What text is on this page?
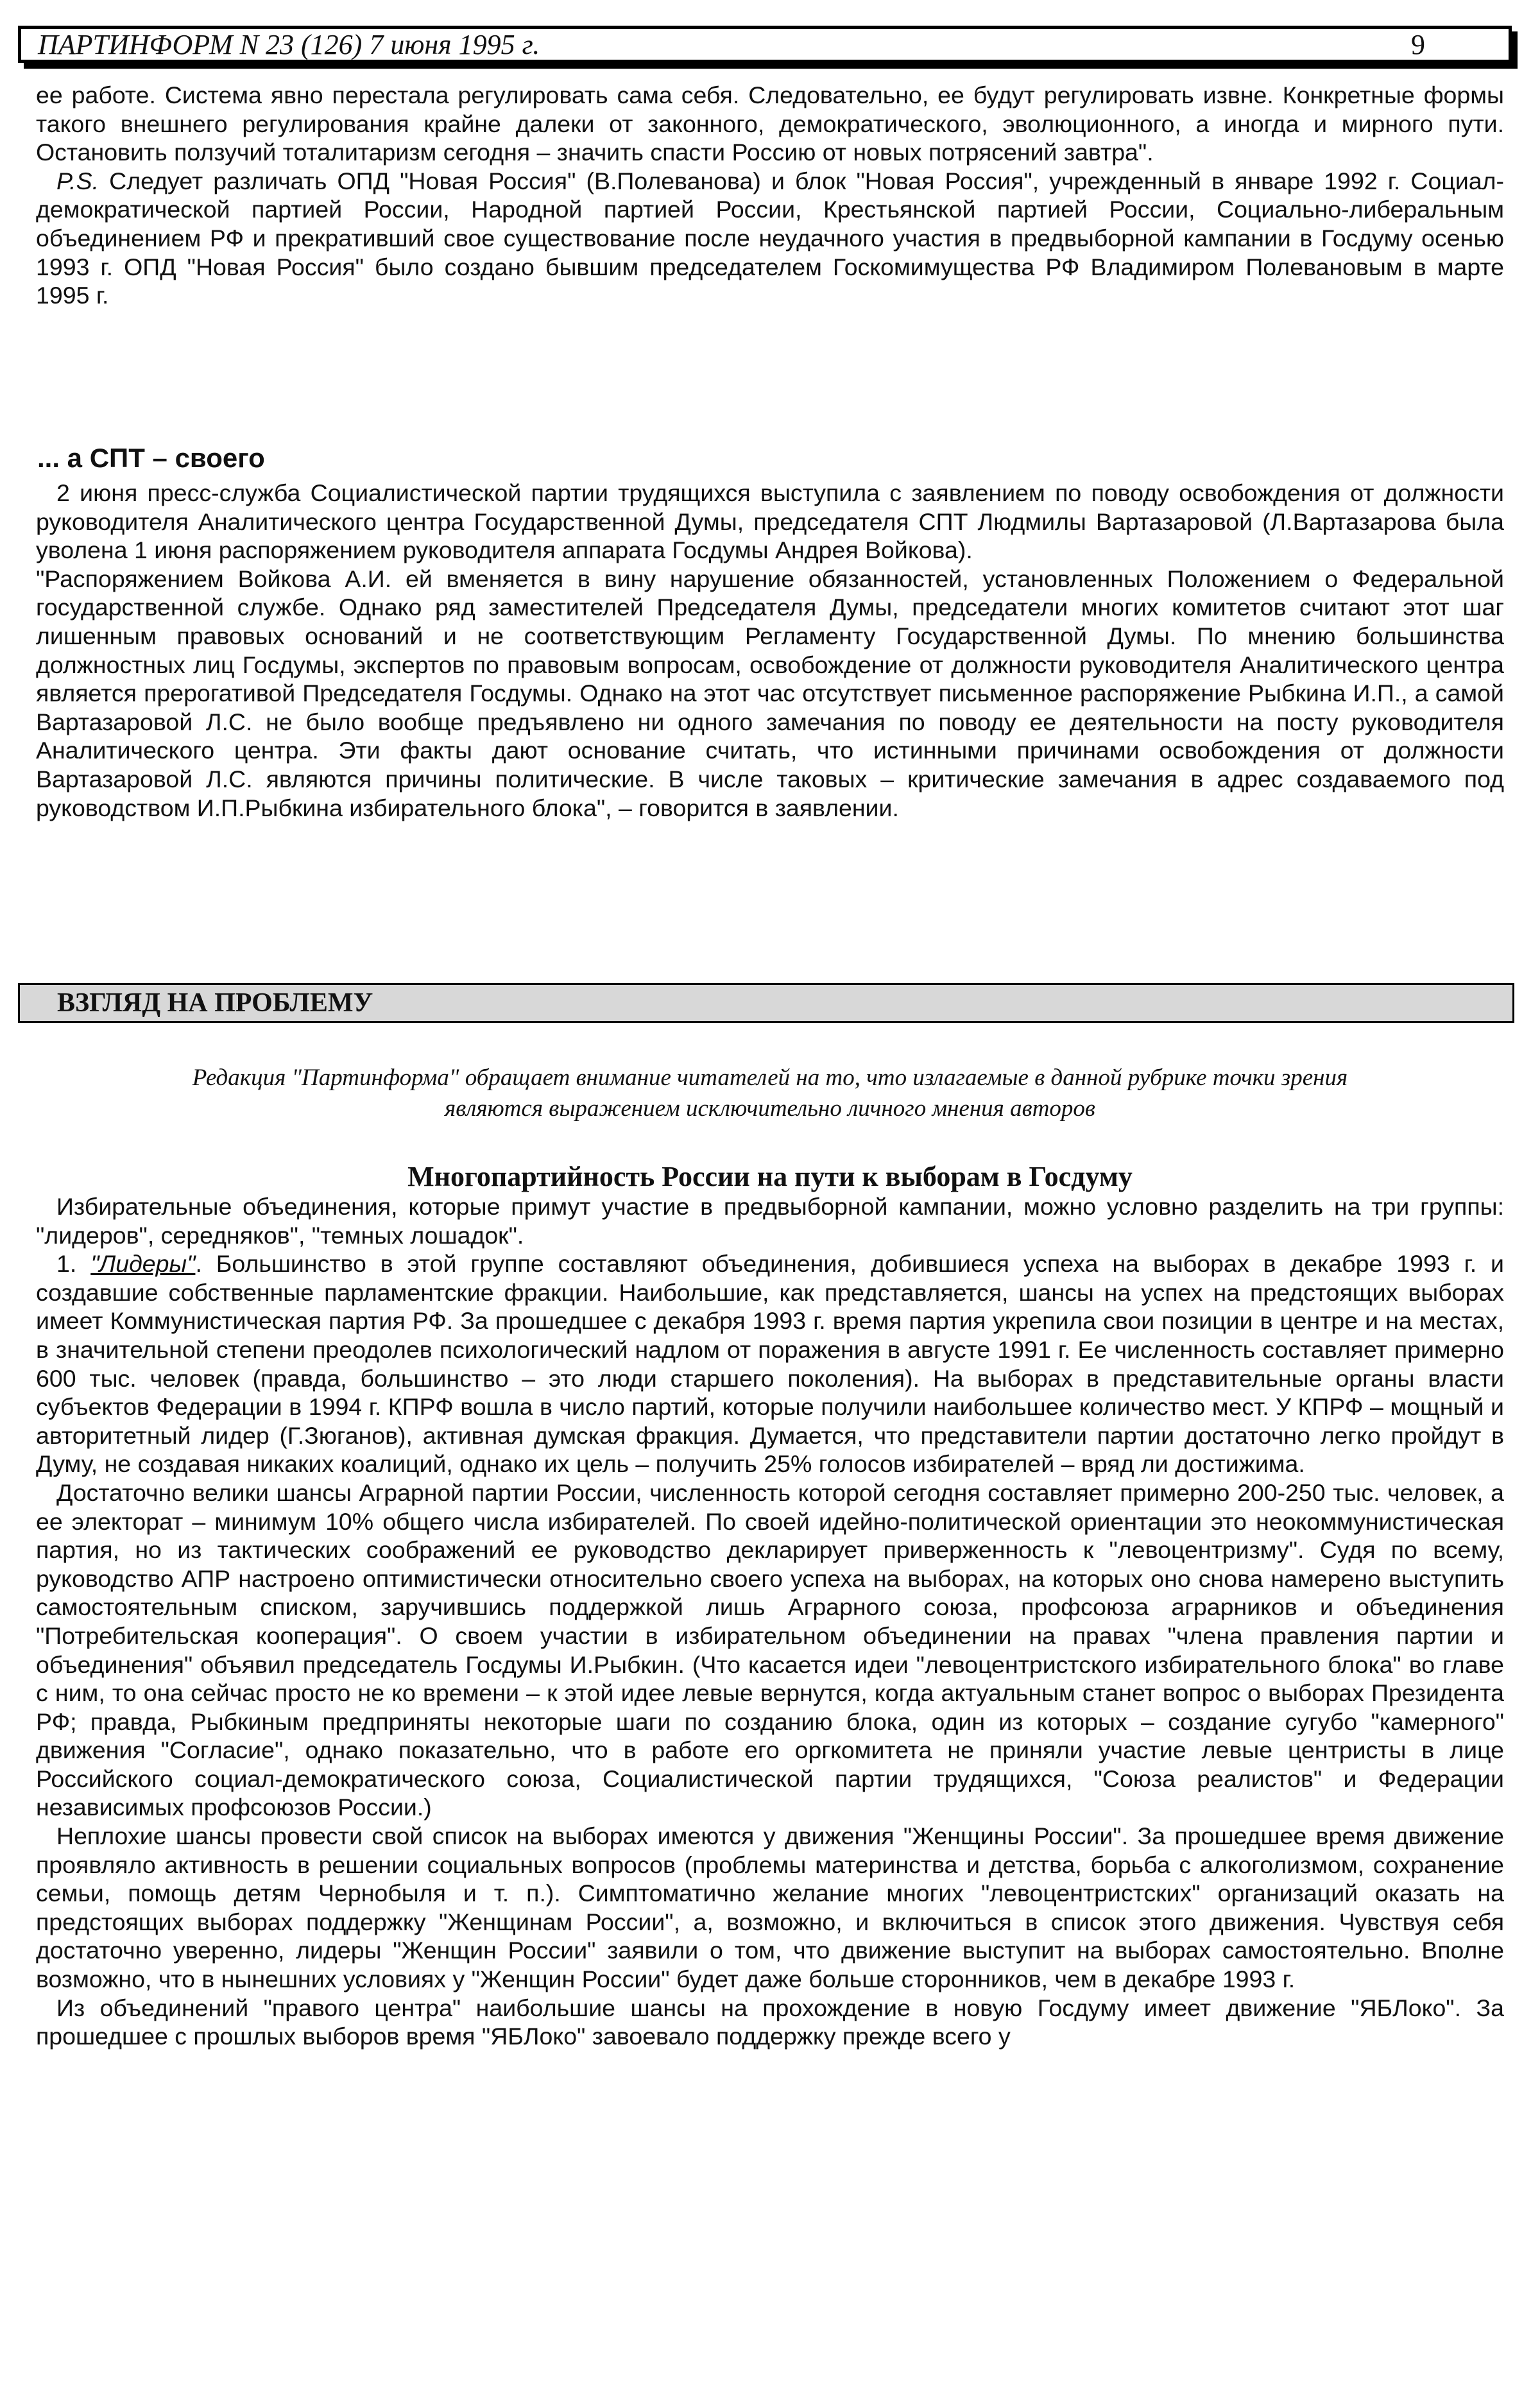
ПАРТИНФОРМ N 23 (126) 7 июня 1995 г.	9

ее работе. Система явно перестала регулировать сама себя. Следовательно, ее будут регулировать извне. Конкретные формы такого внешнего регулирования крайне далеки от законного, демократического, эволюционного, а иногда и мирного пути. Остановить ползучий тоталитаризм сегодня – значить спасти Россию от новых потрясений завтра".

P.S. Следует различать ОПД "Новая Россия" (В.Полеванова) и блок "Новая Россия", учрежденный в январе 1992 г. Социал-демократической партией России, Народной партией России, Крестьянской партией России, Социально-либеральным объединением РФ и прекративший свое существование после неудачного участия в предвыборной кампании в Госдуму осенью 1993 г. ОПД "Новая Россия" было создано бывшим председателем Госкомимущества РФ Владимиром Полевановым в марте 1995 г.

... а СПТ – своего

2 июня пресс-служба Социалистической партии трудящихся выступила с заявлением по поводу освобождения от должности руководителя Аналитического центра Государственной Думы, председателя СПТ Людмилы Вартазаровой (Л.Вартазарова была уволена 1 июня распоряжением руководителя аппарата Госдумы Андрея Войкова).

"Распоряжением Войкова А.И. ей вменяется в вину нарушение обязанностей, установленных Положением о Федеральной государственной службе. Однако ряд заместителей Председателя Думы, председатели многих комитетов считают этот шаг лишенным правовых оснований и не соответствующим Регламенту Государственной Думы. По мнению большинства должностных лиц Госдумы, экспертов по правовым вопросам, освобождение от должности руководителя Аналитического центра является прерогативой Председателя Госдумы. Однако на этот час отсутствует письменное распоряжение Рыбкина И.П., а самой Вартазаровой Л.С. не было вообще предъявлено ни одного замечания по поводу ее деятельности на посту руководителя Аналитического центра. Эти факты дают основание считать, что истинными причинами освобождения от должности Вартазаровой Л.С. являются причины политические. В числе таковых – критические замечания в адрес создаваемого под руководством И.П.Рыбкина избирательного блока", – говорится в заявлении.

ВЗГЛЯД НА ПРОБЛЕМУ
Редакция "Партинформа" обращает внимание читателей на то, что излагаемые в данной рубрике точки зрения
являются выражением исключительно личного мнения авторов
Многопартийность России на пути к выборам в Госдуму

Избирательные объединения, которые примут участие в предвыборной кампании, можно условно разделить на три группы: "лидеров", середняков", "темных лошадок".

1. "Лидеры". Большинство в этой группе составляют объединения, добившиеся успеха на выборах в декабре 1993 г. и создавшие собственные парламентские фракции. Наибольшие, как представляется, шансы на успех на предстоящих выборах имеет Коммунистическая партия РФ. За прошедшее с декабря 1993 г. время партия укрепила свои позиции в центре и на местах, в значительной степени преодолев психологический надлом от поражения в августе 1991 г. Ее численность составляет примерно 600 тыс. человек (правда, большинство – это люди старшего поколения). На выборах в представительные органы власти субъектов Федерации в 1994 г. КПРФ вошла в число партий, которые получили наибольшее количество мест. У КПРФ – мощный и авторитетный лидер (Г.Зюганов), активная думская фракция. Думается, что представители партии достаточно легко пройдут в Думу, не создавая никаких коалиций, однако их цель – получить 25% голосов избирателей – вряд ли достижима.

Достаточно велики шансы Аграрной партии России, численность которой сегодня составляет примерно 200-250 тыс. человек, а ее электорат – минимум 10% общего числа избирателей. По своей идейно-политической ориентации это неокоммунистическая партия, но из тактических соображений ее руководство декларирует приверженность к "левоцентризму". Судя по всему, руководство АПР настроено оптимистически относительно своего успеха на выборах, на которых оно снова намерено выступить самостоятельным списком, заручившись поддержкой лишь Аграрного союза, профсоюза аграрников и объединения "Потребительская кооперация". О своем участии в избирательном объединении на правах "члена правления партии и объединения" объявил председатель Госдумы И.Рыбкин. (Что касается идеи "левоцентристского избирательного блока" во главе с ним, то она сейчас просто не ко времени – к этой идее левые вернутся, когда актуальным станет вопрос о выборах Президента РФ; правда, Рыбкиным предприняты некоторые шаги по созданию блока, один из которых – создание сугубо "камерного" движения "Согласие", однако показательно, что в работе его оргкомитета не приняли участие левые центристы в лице Российского социал-демократического союза, Социалистической партии трудящихся, "Союза реалистов" и Федерации независимых профсоюзов России.)

Неплохие шансы провести свой список на выборах имеются у движения "Женщины России". За прошедшее время движение проявляло активность в решении социальных вопросов (проблемы материнства и детства, борьба с алкоголизмом, сохранение семьи, помощь детям Чернобыля и т. п.). Симптоматично желание многих "левоцентристских" организаций оказать на предстоящих выборах поддержку "Женщинам России", а, возможно, и включиться в список этого движения. Чувствуя себя достаточно уверенно, лидеры "Женщин России" заявили о том, что движение выступит на выборах самостоятельно. Вполне возможно, что в нынешних условиях у "Женщин России" будет даже больше сторонников, чем в декабре 1993 г.

Из объединений "правого центра" наибольшие шансы на прохождение в новую Госдуму имеет движение "ЯБЛоко". За прошедшее с прошлых выборов время "ЯБЛоко" завоевало поддержку прежде всего у
